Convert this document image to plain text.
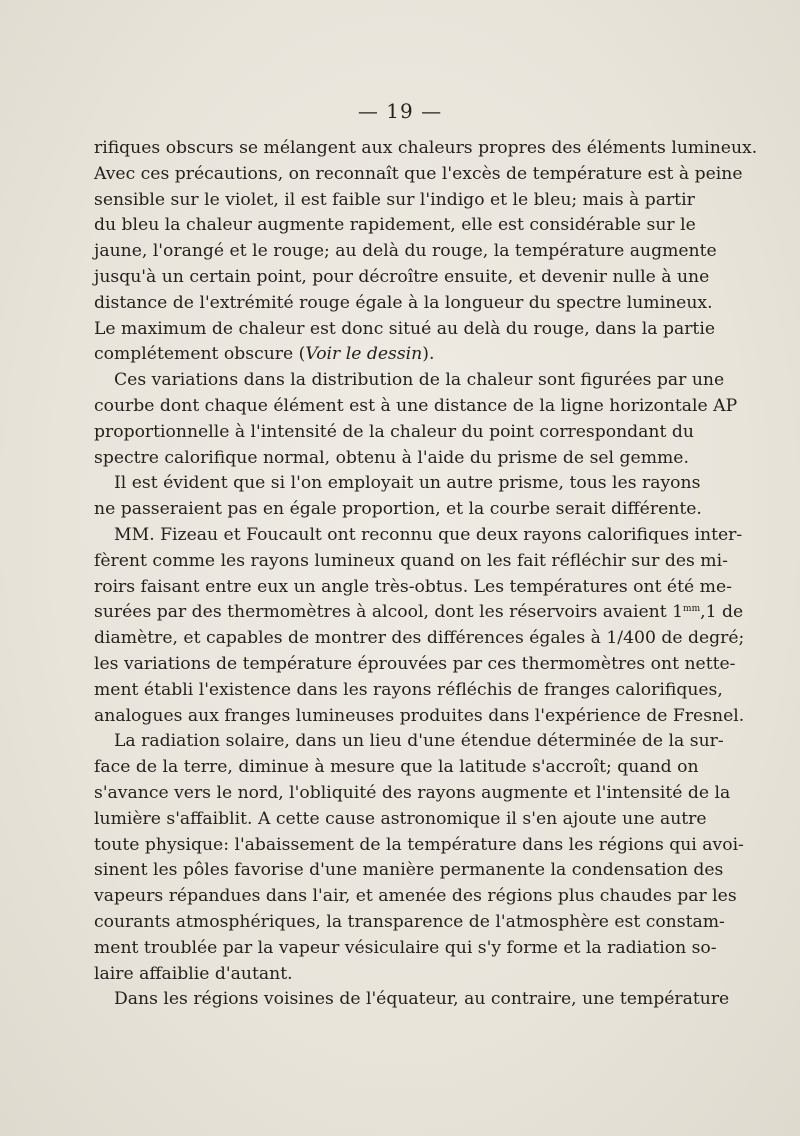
— 19 —
rifiques obscurs se mélangent aux chaleurs propres des éléments lumineux.
Avec ces précautions, on reconnaît que l'excès de température est à peine
sensible sur le violet, il est faible sur l'indigo et le bleu; mais à partir
du bleu la chaleur augmente rapidement, elle est considérable sur le
jaune, l'orangé et le rouge; au delà du rouge, la température augmente
jusqu'à un certain point, pour décroître ensuite, et devenir nulle à une
distance de l'extrémité rouge égale à la longueur du spectre lumineux.
Le maximum de chaleur est donc situé au delà du rouge, dans la partie
complétement obscure (Voir le dessin).
Ces variations dans la distribution de la chaleur sont figurées par une
courbe dont chaque élément est à une distance de la ligne horizontale AP
proportionnelle à l'intensité de la chaleur du point correspondant du
spectre calorifique normal, obtenu à l'aide du prisme de sel gemme.
Il est évident que si l'on employait un autre prisme, tous les rayons
ne passeraient pas en égale proportion, et la courbe serait différente.
MM. Fizeau et Foucault ont reconnu que deux rayons calorifiques inter-
fèrent comme les rayons lumineux quand on les fait réfléchir sur des mi-
roirs faisant entre eux un angle très-obtus. Les températures ont été me-
surées par des thermomètres à alcool, dont les réservoirs avaient $1^{mm},1$ de
diamètre, et capables de montrer des différences égales à 1/400 de degré;
les variations de température éprouvées par ces thermomètres ont nette-
ment établi l'existence dans les rayons réfléchis de franges calorifiques,
analogues aux franges lumineuses produites dans l'expérience de Fresnel.
La radiation solaire, dans un lieu d'une étendue déterminée de la sur-
face de la terre, diminue à mesure que la latitude s'accroît; quand on
s'avance vers le nord, l'obliquité des rayons augmente et l'intensité de la
lumière s'affaiblit. A cette cause astronomique il s'en ajoute une autre
toute physique: l'abaissement de la température dans les régions qui avoi-
sinent les pôles favorise d'une manière permanente la condensation des
vapeurs répandues dans l'air, et amenée des régions plus chaudes par les
courants atmosphériques, la transparence de l'atmosphère est constam-
ment troublée par la vapeur vésiculaire qui s'y forme et la radiation so-
laire affaiblie d'autant.
Dans les régions voisines de l'équateur, au contraire, une température
